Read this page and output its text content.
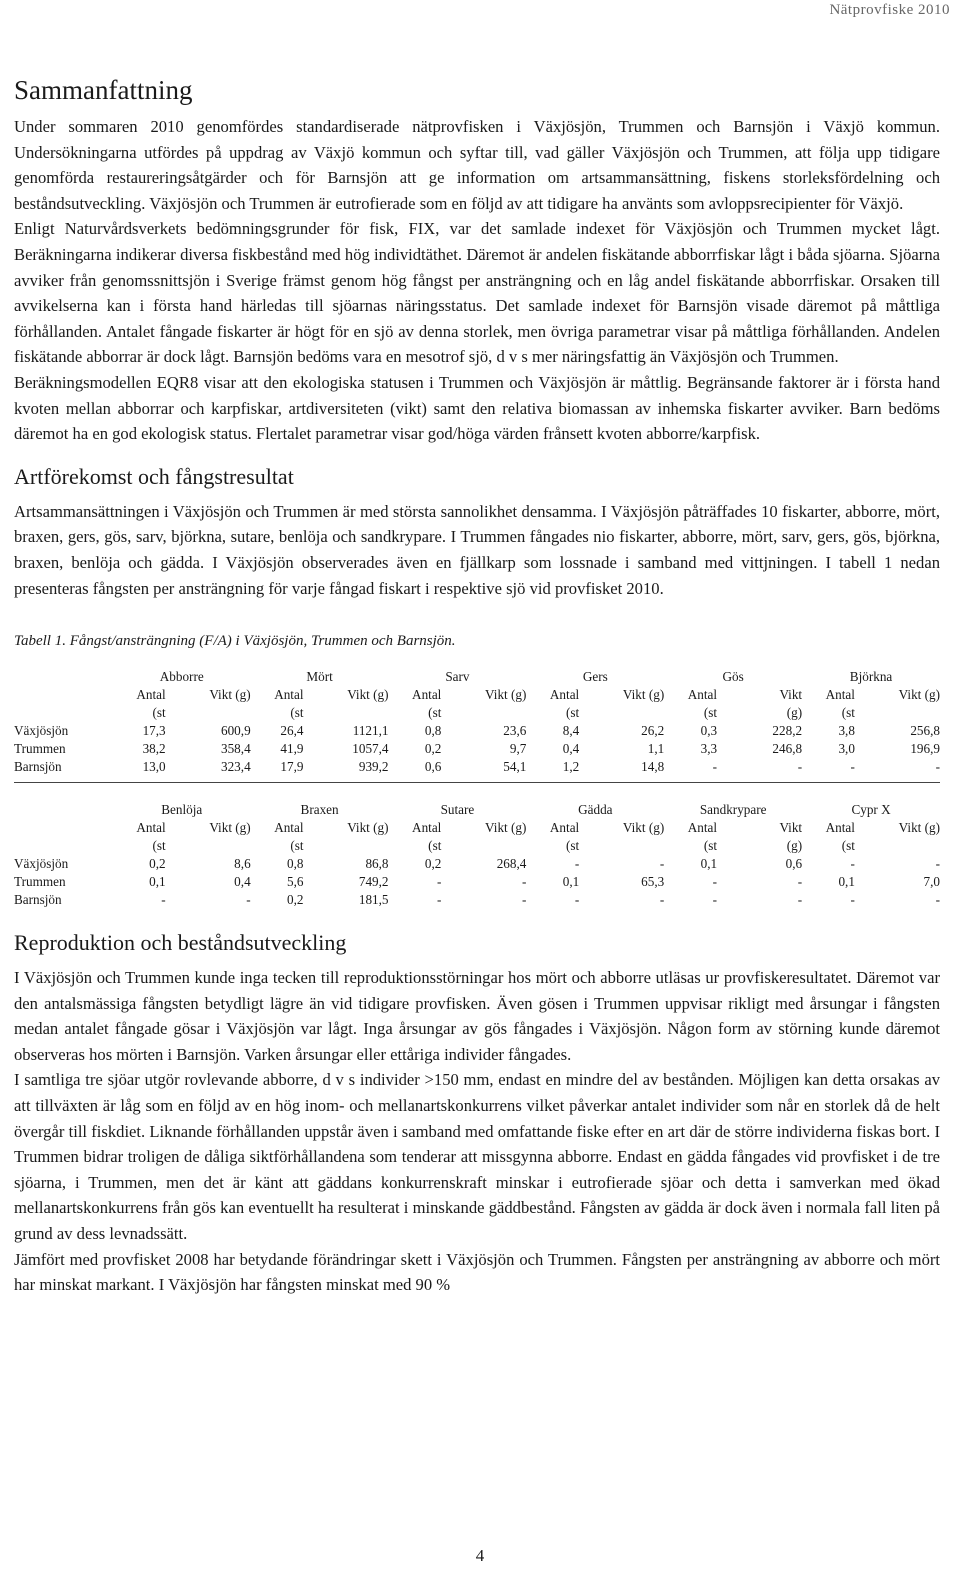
Nätprovfiske 2010
Sammanfattning

Under sommaren 2010 genomfördes standardiserade nätprovfisken i Växjösjön, Trummen och Barnsjön i Växjö kommun. Undersökningarna utfördes på uppdrag av Växjö kommun och syftar till, vad gäller Växjösjön och Trummen, att följa upp tidigare genomförda restaureringsåtgärder och för Barnsjön att ge information om artsammansättning, fiskens storleksfördelning och beståndsutveckling. Växjösjön och Trummen är eutrofierade som en följd av att tidigare ha använts som avloppsrecipienter för Växjö.

Enligt Naturvårdsverkets bedömningsgrunder för fisk, FIX, var det samlade indexet för Växjösjön och Trummen mycket lågt. Beräkningarna indikerar diversa fiskbestånd med hög individtäthet. Däremot är andelen fiskätande abborrfiskar lågt i båda sjöarna. Sjöarna avviker från genomssnittsjön i Sverige främst genom hög fångst per ansträngning och en låg andel fiskätande abborrfiskar. Orsaken till avvikelserna kan i första hand härledas till sjöarnas näringsstatus. Det samlade indexet för Barnsjön visade däremot på måttliga förhållanden. Antalet fångade fiskarter är högt för en sjö av denna storlek, men övriga parametrar visar på måttliga förhållanden. Andelen fiskätande abborrar är dock lågt. Barnsjön bedöms vara en mesotrof sjö, d v s mer näringsfattig än Växjösjön och Trummen.

Beräkningsmodellen EQR8 visar att den ekologiska statusen i Trummen och Växjösjön är måttlig. Begränsande faktorer är i första hand kvoten mellan abborrar och karpfiskar, artdiversiteten (vikt) samt den relativa biomassan av inhemska fiskarter avviker. Barn bedöms däremot ha en god ekologisk status. Flertalet parametrar visar god/höga värden frånsett kvoten abborre/karpfisk.

Artförekomst och fångstresultat

Artsammansättningen i Växjösjön och Trummen är med största sannolikhet densamma. I Växjösjön påträffades 10 fiskarter, abborre, mört, braxen, gers, gös, sarv, björkna, sutare, benlöja och sandkrypare. I Trummen fångades nio fiskarter, abborre, mört, sarv, gers, gös, björkna, braxen, benlöja och gädda. I Växjösjön observerades även en fjällkarp som lossnade i samband med vittjningen. I tabell 1 nedan presenteras fångsten per ansträngning för varje fångad fiskart i respektive sjö vid provfisket 2010.

Tabell 1. Fångst/ansträngning (F/A) i Växjösjön, Trummen och Barnsjön.
	Abborre		Mört		Sarv		Gers		Gös		Björkna	
	Antal	Vikt (g)	Antal	Vikt (g)	Antal	Vikt (g)	Antal	Vikt (g)	Antal	Vikt	Antal	Vikt (g)
	(st		(st		(st		(st		(st	(g)	(st	
Växjösjön	17,3	600,9	26,4	1121,1	0,8	23,6	8,4	26,2	0,3	228,2	3,8	256,8
Trummen	38,2	358,4	41,9	1057,4	0,2	9,7	0,4	1,1	3,3	246,8	3,0	196,9
Barnsjön	13,0	323,4	17,9	939,2	0,6	54,1	1,2	14,8	-	-	-	-

	Benlöja		Braxen		Sutare		Gädda		Sandkrypare		Cypr X	
	Antal	Vikt (g)	Antal	Vikt (g)	Antal	Vikt (g)	Antal	Vikt (g)	Antal	Vikt	Antal	Vikt (g)
	(st		(st		(st		(st		(st	(g)	(st	
Växjösjön	0,2	8,6	0,8	86,8	0,2	268,4	-	-	0,1	0,6	-	-
Trummen	0,1	0,4	5,6	749,2	-	-	0,1	65,3	-	-	0,1	7,0
Barnsjön	-	-	0,2	181,5	-	-	-	-	-	-	-	-
Reproduktion och beståndsutveckling

I Växjösjön och Trummen kunde inga tecken till reproduktionsstörningar hos mört och abborre utläsas ur provfiskeresultatet. Däremot var den antalsmässiga fångsten betydligt lägre än vid tidigare provfisken. Även gösen i Trummen uppvisar rikligt med årsungar i fångsten medan antalet fångade gösar i Växjösjön var lågt. Inga årsungar av gös fångades i Växjösjön. Någon form av störning kunde däremot observeras hos mörten i Barnsjön. Varken årsungar eller ettåriga individer fångades.

I samtliga tre sjöar utgör rovlevande abborre, d v s individer >150 mm, endast en mindre del av bestånden. Möjligen kan detta orsakas av att tillväxten är låg som en följd av en hög inom- och mellanartskonkurrens vilket påverkar antalet individer som når en storlek då de helt övergår till fiskdiet. Liknande förhållanden uppstår även i samband med omfattande fiske efter en art där de större individerna fiskas bort. I Trummen bidrar troligen de dåliga siktförhållandena som tenderar att missgynna abborre. Endast en gädda fångades vid provfisket i de tre sjöarna, i Trummen, men det är känt att gäddans konkurrenskraft minskar i eutrofierade sjöar och detta i samverkan med ökad mellanartskonkurrens från gös kan eventuellt ha resulterat i minskande gäddbestånd. Fångsten av gädda är dock även i normala fall liten på grund av dess levnadssätt.

Jämfört med provfisket 2008 har betydande förändringar skett i Växjösjön och Trummen. Fångsten per ansträngning av abborre och mört har minskat markant. I Växjösjön har fångsten minskat med 90 %

4
